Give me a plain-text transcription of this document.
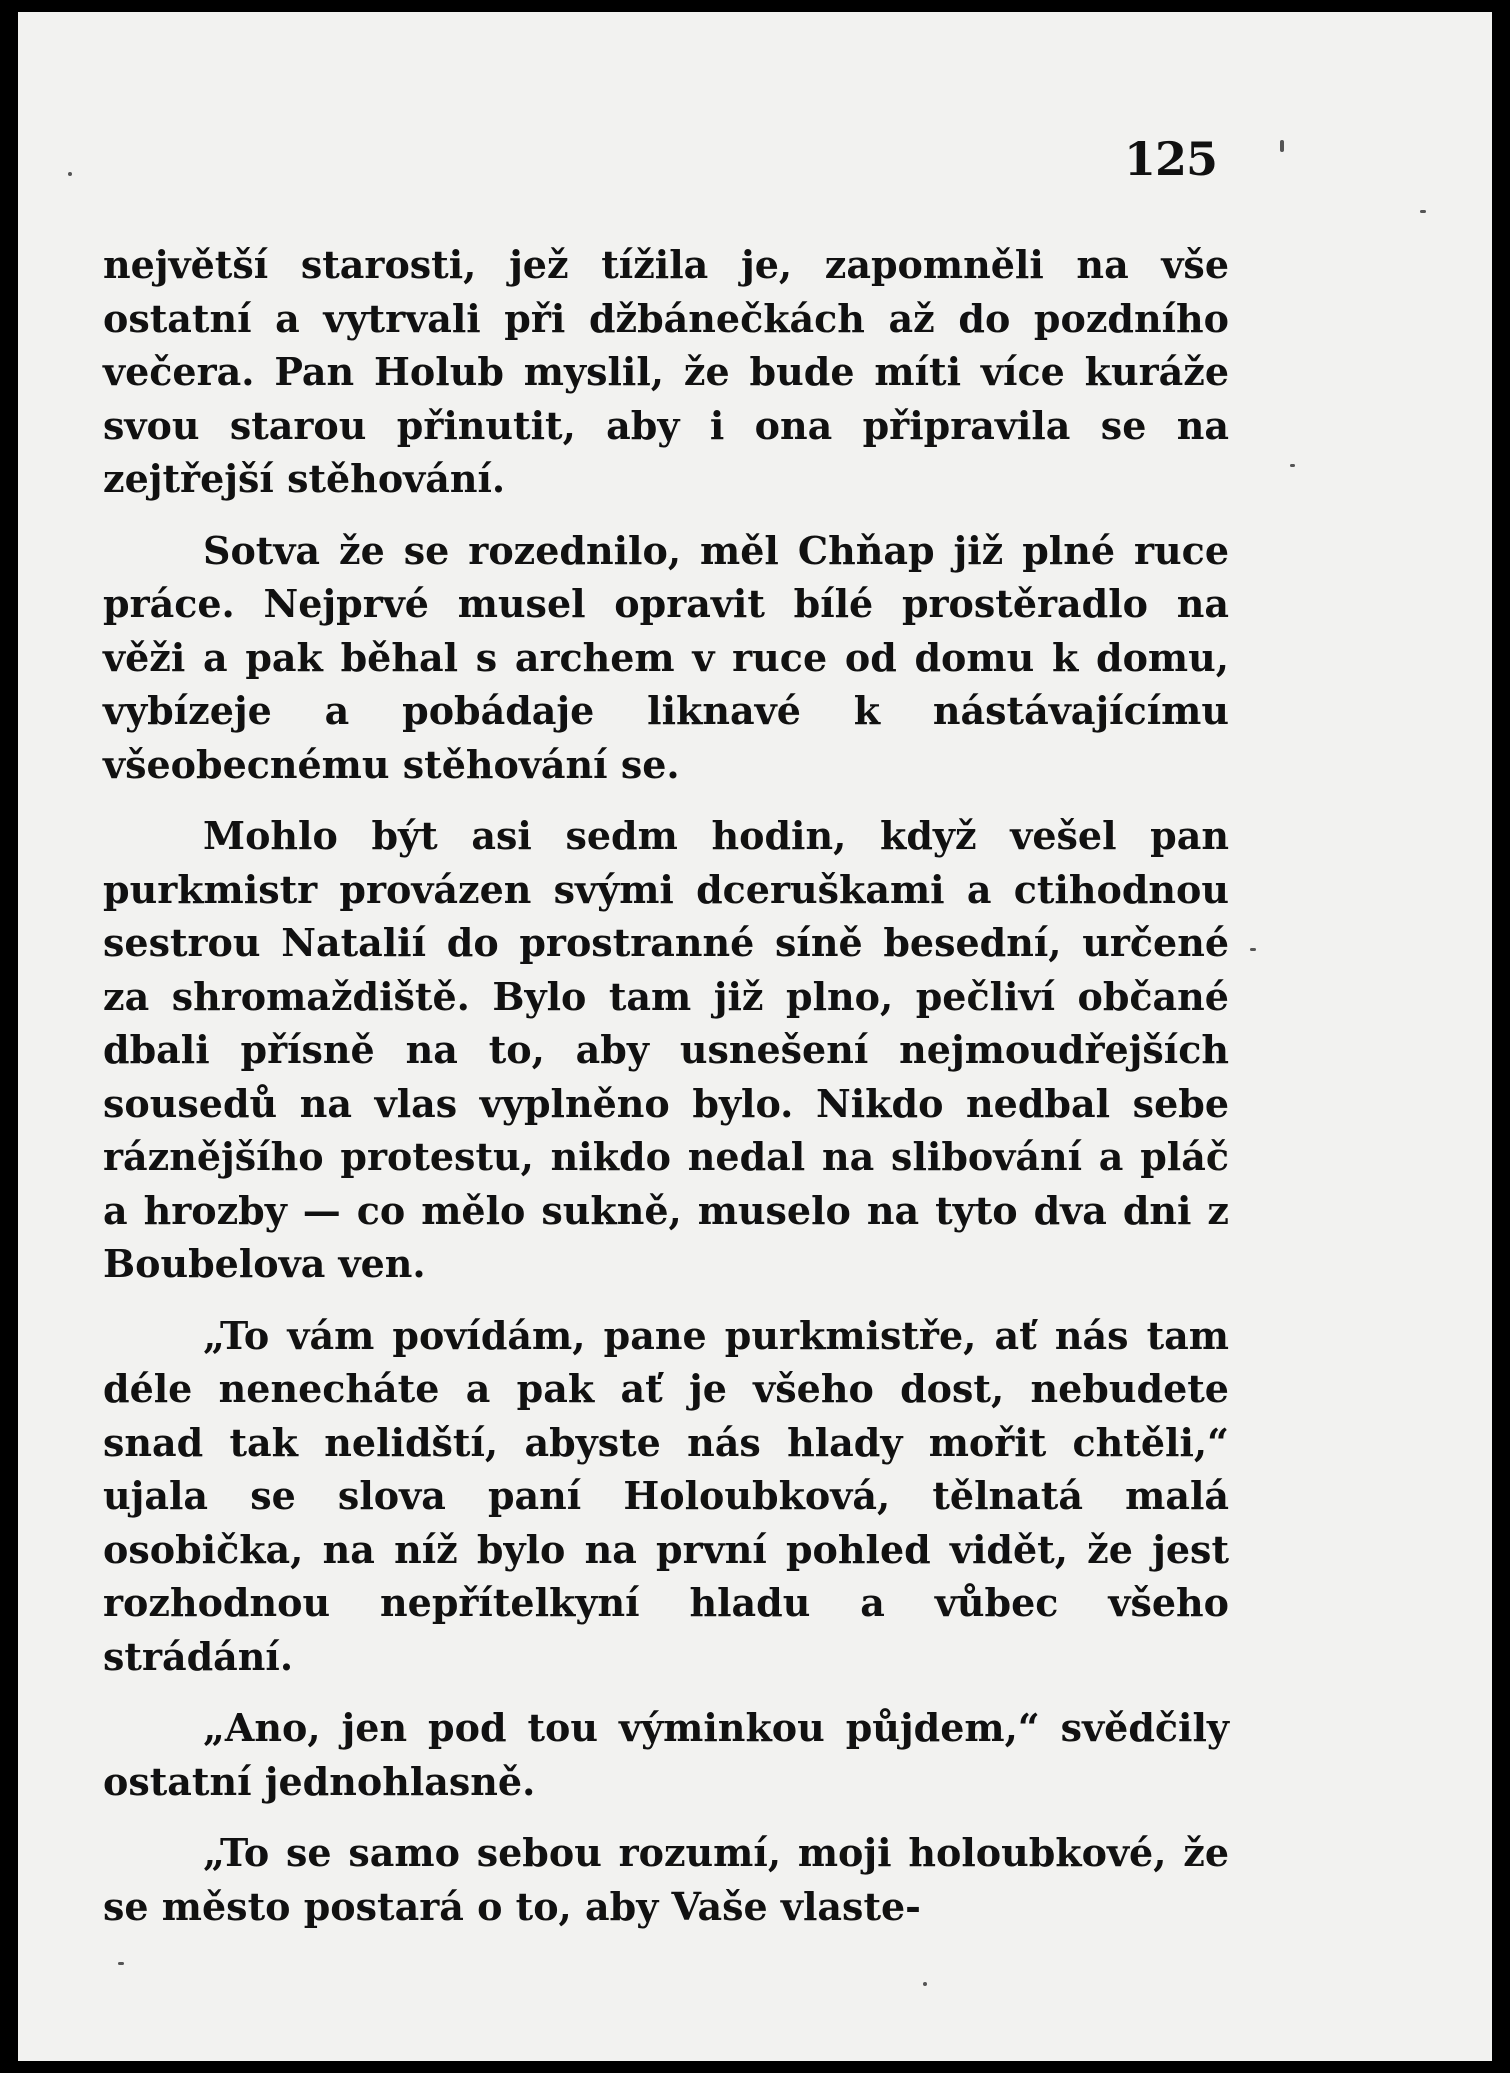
125

největší starosti, jež tížila je, zapomněli na vše ostatní a vytrvali při džbánečkách až do pozdního večera. Pan Holub myslil, že bude míti více kuráže svou starou přinutit, aby i ona připravila se na zejtřejší stěhování.

Sotva že se rozednilo, měl Chňap již plné ruce práce. Nejprvé musel opravit bílé prostěradlo na věži a pak běhal s archem v ruce od domu k domu, vybízeje a pobádaje liknavé k nástávajícímu všeobecnému stěhování se.

Mohlo být asi sedm hodin, když vešel pan purkmistr provázen svými dceruškami a ctihodnou sestrou Natalií do prostranné síně besední, určené za shromaždiště. Bylo tam již plno, pečliví občané dbali přísně na to, aby usnešení nejmoudřejších sousedů na vlas vyplněno bylo. Nikdo nedbal sebe ráznějšího protestu, nikdo nedal na slibování a pláč a hrozby — co mělo sukně, muselo na tyto dva dni z Boubelova ven.

„To vám povídám, pane purkmistře, ať nás tam déle nenecháte a pak ať je všeho dost, nebudete snad tak nelidští, abyste nás hlady mořit chtěli,“ ujala se slova paní Holoubková, tělnatá malá osobička, na níž bylo na první pohled vidět, že jest rozhodnou nepřítelkyní hladu a vůbec všeho strádání.

„Ano, jen pod tou výminkou půjdem,“ svědčily ostatní jednohlasně.

„To se samo sebou rozumí, moji holoubkové, že se město postará o to, aby Vaše vlaste-
